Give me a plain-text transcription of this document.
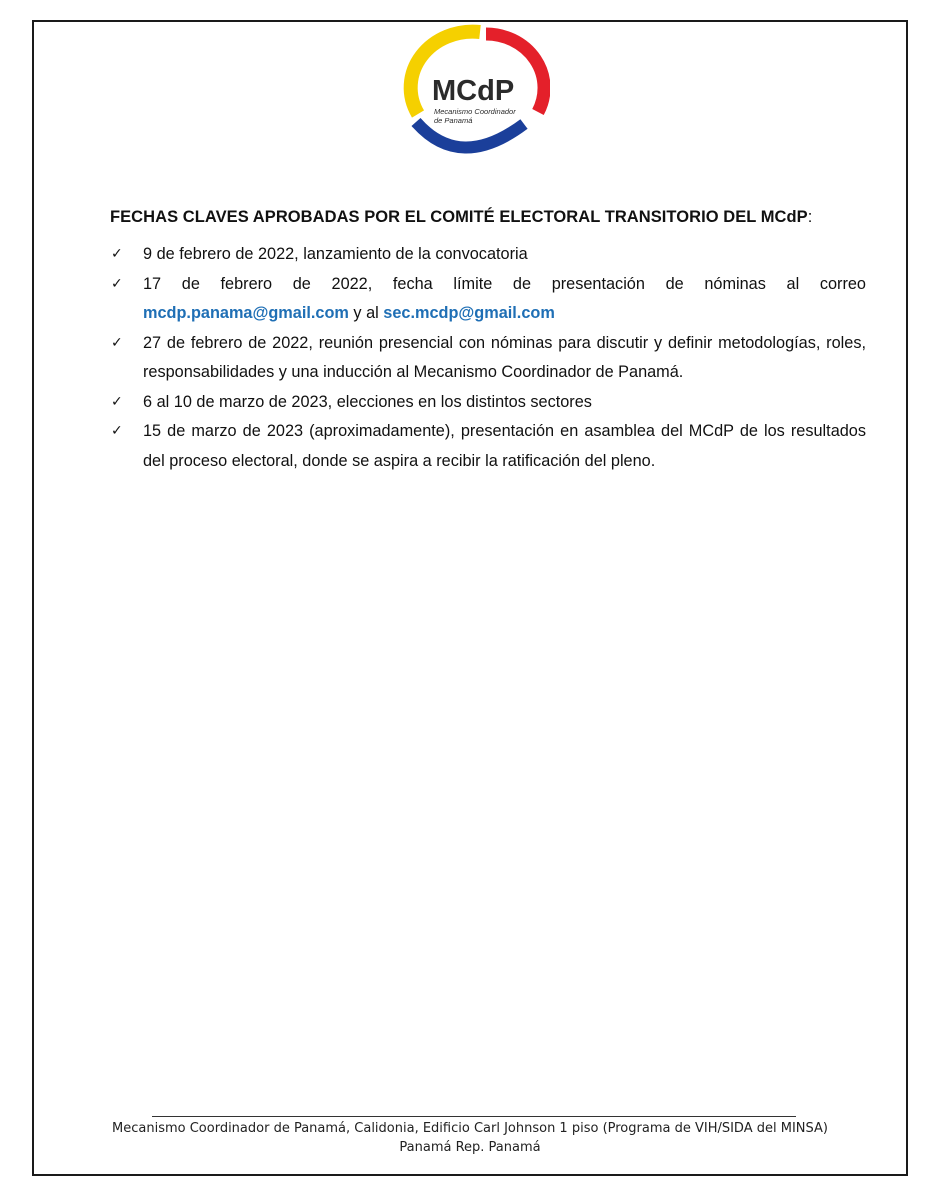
MCdP
Mecanismo Coordinador
de Panamá
FECHAS CLAVES APROBADAS POR EL COMITÉ ELECTORAL TRANSITORIO DEL MCdP:
✓ 9 de febrero de 2022, lanzamiento de la convocatoria
✓ 17 de febrero de 2022, fecha límite de presentación de nóminas al correo mcdp.panama@gmail.com y al sec.mcdp@gmail.com
✓ 27 de febrero de 2022, reunión presencial con nóminas para discutir y definir metodologías, roles, responsabilidades y una inducción al Mecanismo Coordinador de Panamá.
✓ 6 al 10 de marzo de 2023, elecciones en los distintos sectores
✓ 15 de marzo de 2023 (aproximadamente), presentación en asamblea del MCdP de los resultados del proceso electoral, donde se aspira a recibir la ratificación del pleno.
Mecanismo Coordinador de Panamá, Calidonia, Edificio Carl Johnson 1 piso (Programa de VIH/SIDA del MINSA)
Panamá Rep. Panamá
